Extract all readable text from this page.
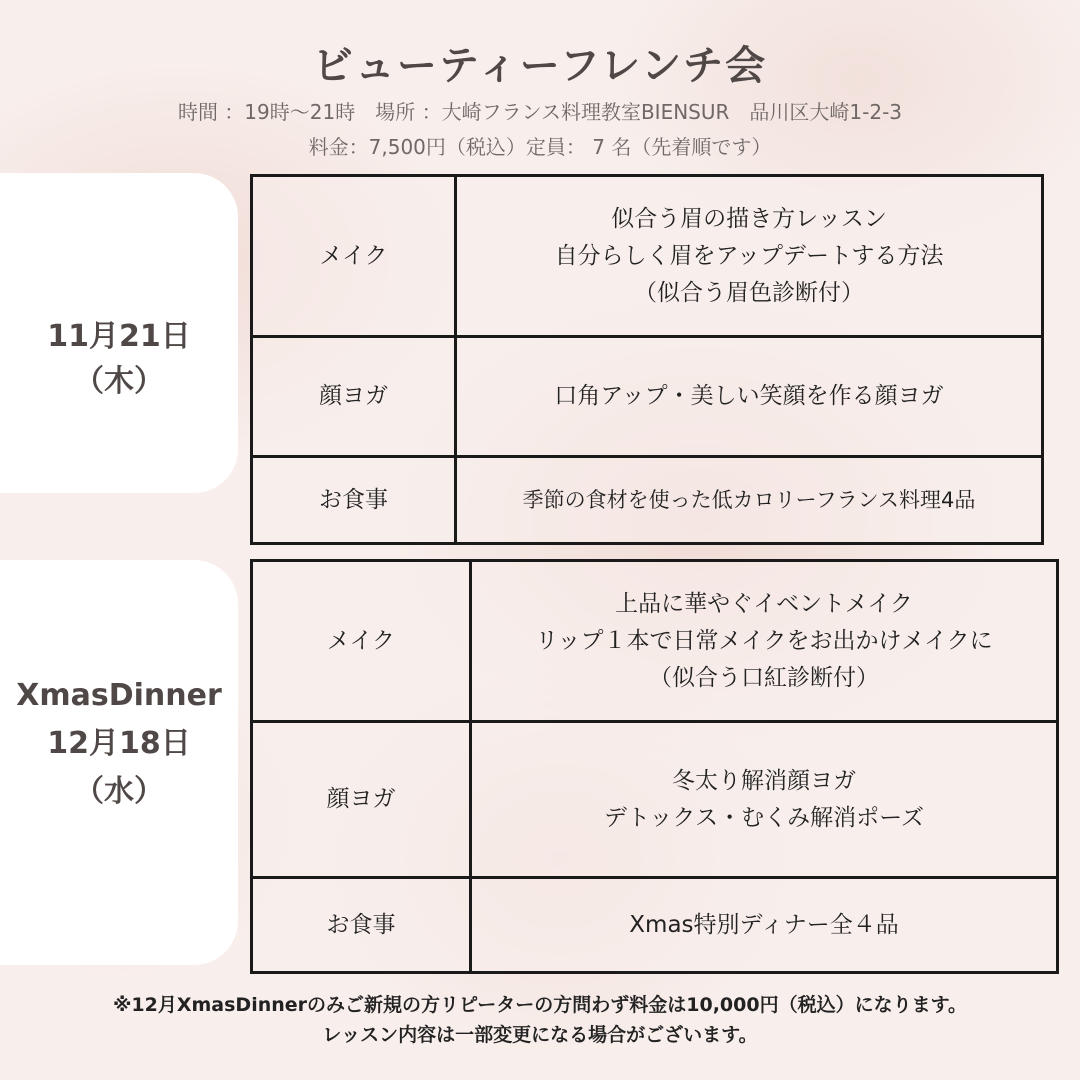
ビューティーフレンチ会
時間 ：19時〜21時　場所 ：大崎フランス料理教室BIENSUR　品川区大崎1-2-3
料金：7,500円（税込）定員： 7 名（先着順です）
11月21日
（木）
メイク	似合う眉の描き方レッスン
自分らしく眉をアップデートする方法
（似合う眉色診断付）

顔ヨガ	口角アップ・美しい笑顔を作る顔ヨガ

お食事	季節の食材を使った低カロリーフランス料理4品
XmasDinner
12月18日
（水）
メイク	上品に華やぐイベントメイク
リップ１本で日常メイクをお出かけメイクに
（似合う口紅診断付）

顔ヨガ	冬太り解消顔ヨガ
デトックス・むくみ解消ポーズ

お食事	Xmas特別ディナー全４品
※12月XmasDinnerのみご新規の方リピーターの方問わず料金は10,000円（税込）になります。
レッスン内容は一部変更になる場合がございます。
